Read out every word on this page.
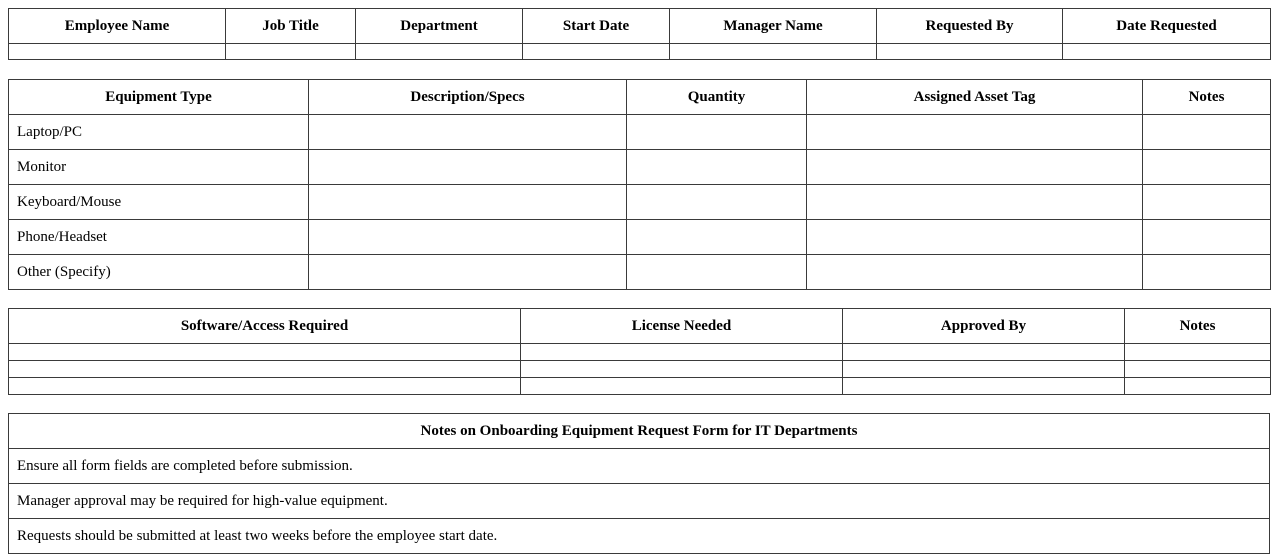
Employee Name	Job Title	Department	Start Date	Manager Name	Requested By	Date Requested

Equipment Type	Description/Specs	Quantity	Assigned Asset Tag	Notes
Laptop/PC				
Monitor				
Keyboard/Mouse				
Phone/Headset				
Other (Specify)				
Software/Access Required	License Needed	Approved By	Notes

Notes on Onboarding Equipment Request Form for IT Departments
Ensure all form fields are completed before submission.
Manager approval may be required for high-value equipment.
Requests should be submitted at least two weeks before the employee start date.
